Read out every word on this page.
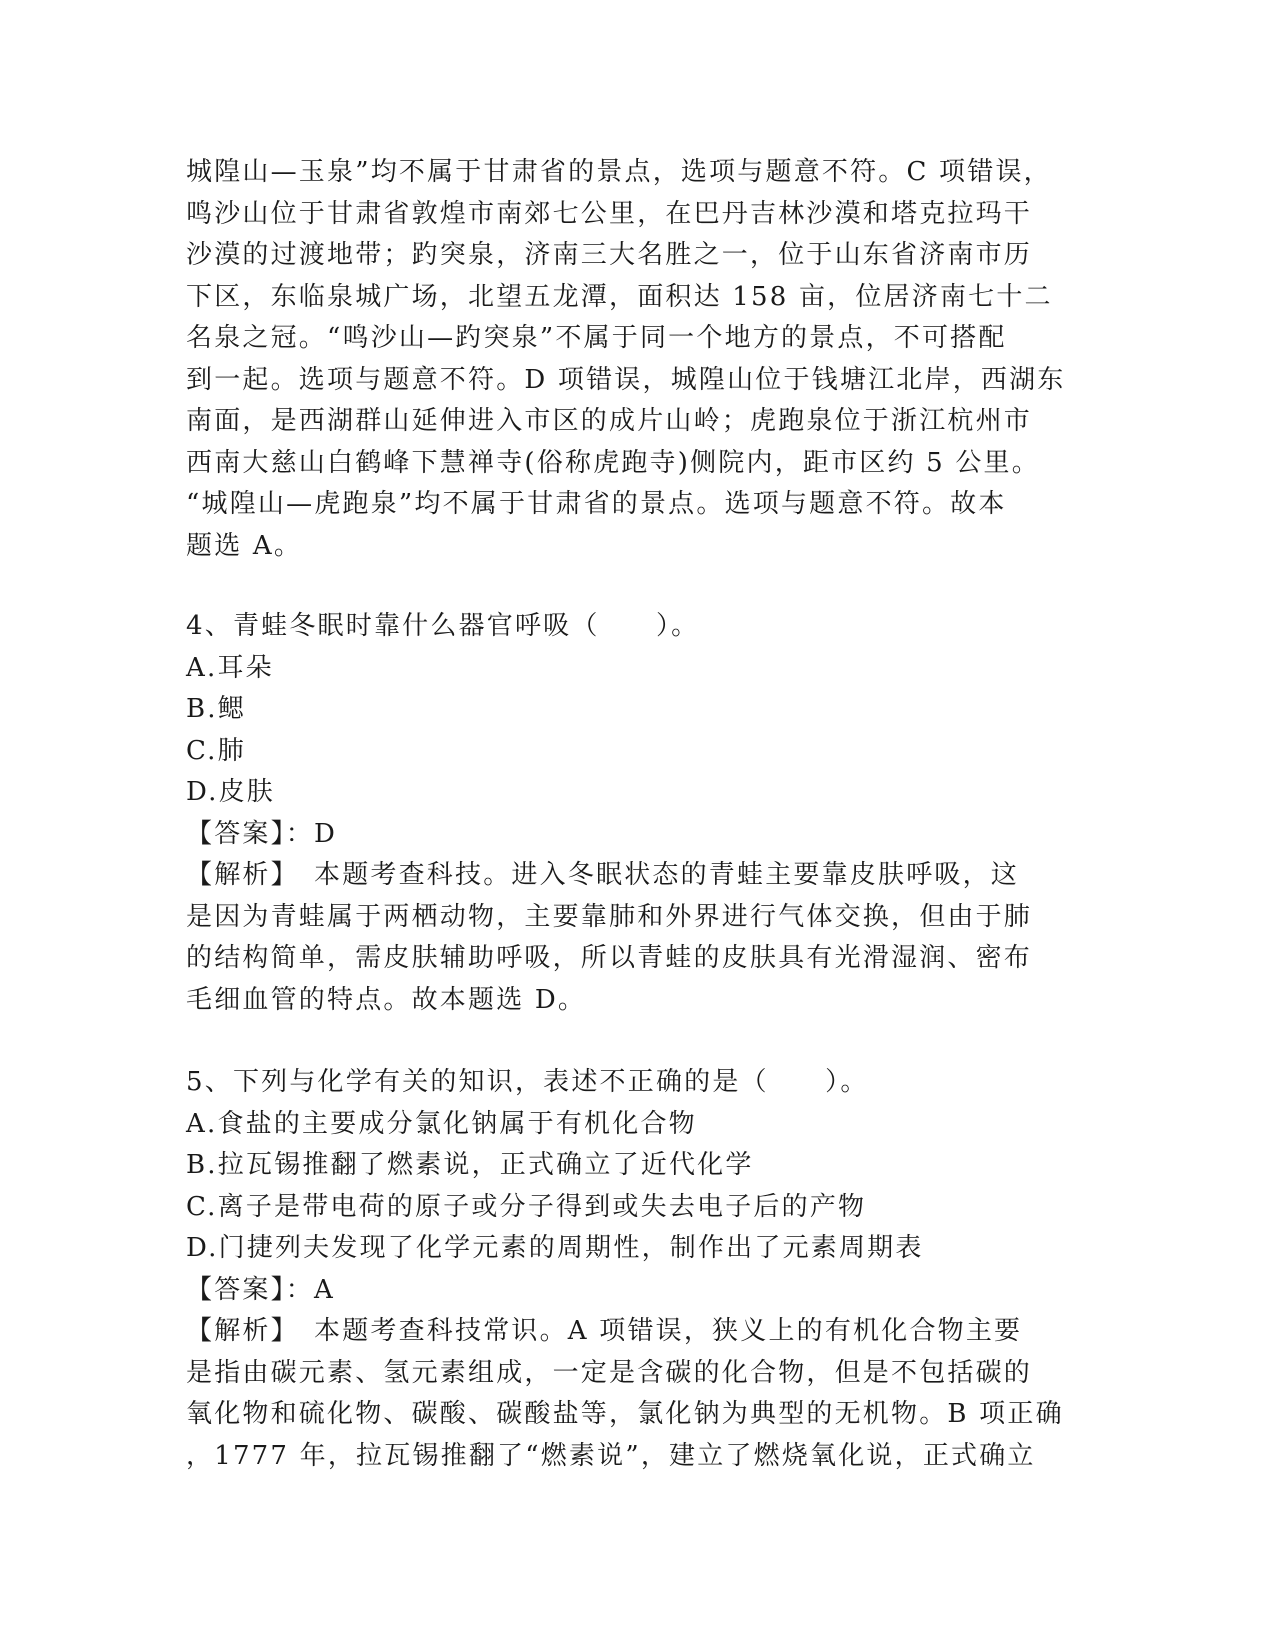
城隍山—玉泉”均不属于甘肃省的景点，选项与题意不符。C 项错误，
鸣沙山位于甘肃省敦煌市南郊七公里，在巴丹吉林沙漠和塔克拉玛干
沙漠的过渡地带；趵突泉，济南三大名胜之一，位于山东省济南市历
下区，东临泉城广场，北望五龙潭，面积达 158 亩，位居济南七十二
名泉之冠。“鸣沙山—趵突泉”不属于同一个地方的景点，不可搭配
到一起。选项与题意不符。D 项错误，城隍山位于钱塘江北岸，西湖东
南面，是西湖群山延伸进入市区的成片山岭；虎跑泉位于浙江杭州市
西南大慈山白鹤峰下慧禅寺(俗称虎跑寺)侧院内，距市区约 5 公里。
“城隍山—虎跑泉”均不属于甘肃省的景点。选项与题意不符。故本
题选 A。
4、青蛙冬眠时靠什么器官呼吸（　　）。
A.耳朵
B.鳃
C.肺
D.皮肤
【答案】：D
【解析】　本题考查科技。进入冬眠状态的青蛙主要靠皮肤呼吸，这
是因为青蛙属于两栖动物，主要靠肺和外界进行气体交换，但由于肺
的结构简单，需皮肤辅助呼吸，所以青蛙的皮肤具有光滑湿润、密布
毛细血管的特点。故本题选 D。
5、下列与化学有关的知识，表述不正确的是（　　）。
A.食盐的主要成分氯化钠属于有机化合物
B.拉瓦锡推翻了燃素说，正式确立了近代化学
C.离子是带电荷的原子或分子得到或失去电子后的产物
D.门捷列夫发现了化学元素的周期性，制作出了元素周期表
【答案】：A
【解析】　本题考查科技常识。A 项错误，狭义上的有机化合物主要
是指由碳元素、氢元素组成，一定是含碳的化合物，但是不包括碳的
氧化物和硫化物、碳酸、碳酸盐等，氯化钠为典型的无机物。B 项正确
，1777 年，拉瓦锡推翻了“燃素说”，建立了燃烧氧化说，正式确立
